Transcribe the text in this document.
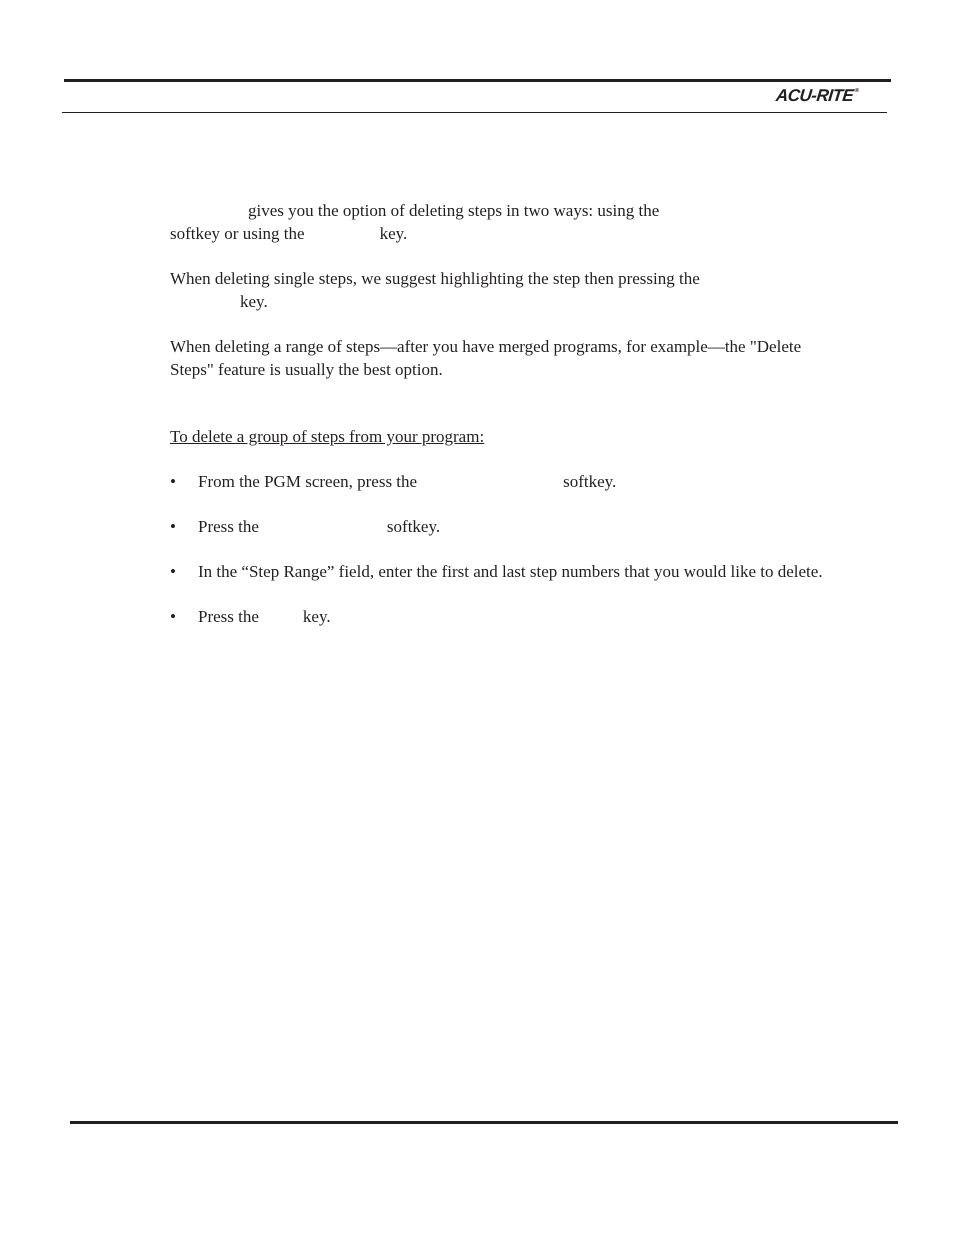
ACU-RITE®

gives you the option of deleting steps in two ways: using the
softkey or using the	key.

When deleting single steps, we suggest highlighting the step then pressing the
key.

When deleting a range of steps—after you have merged programs, for example—the "Delete Steps" feature is usually the best option.

To delete a group of steps from your program:

• From the PGM screen, press the	softkey.
• Press the	softkey.
• In the “Step Range” field, enter the first and last step numbers that you would like to delete.
• Press the	key.
